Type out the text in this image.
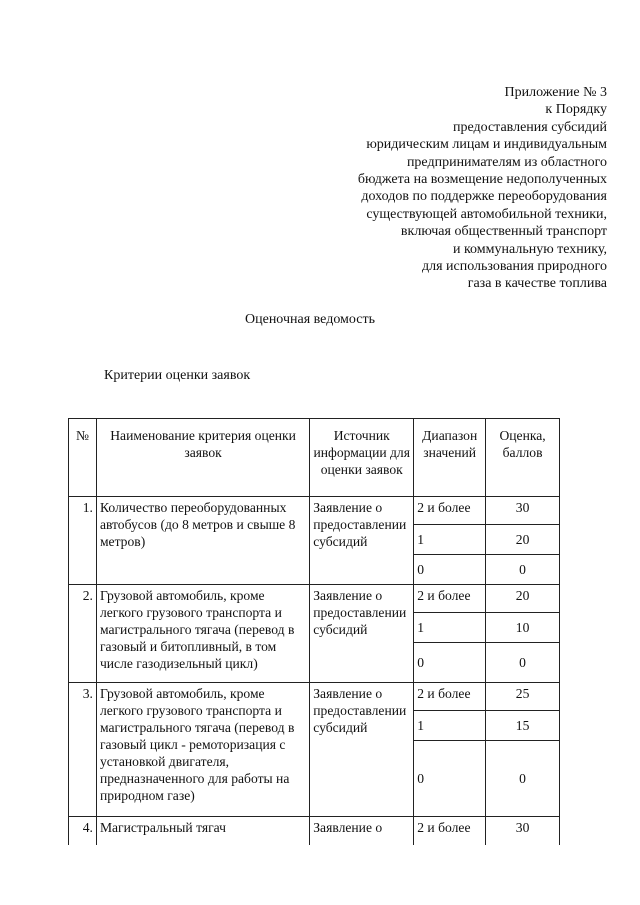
Приложение № 3
к Порядку
предоставления субсидий
юридическим лицам и индивидуальным
предпринимателям из областного
бюджета на возмещение недополученных
доходов по поддержке переоборудования
существующей автомобильной техники,
включая общественный транспорт
и коммунальную технику,
для использования природного
газа в качестве топлива
Оценочная ведомость
Критерии оценки заявок
№	Наименование критерия оценки заявок	Источник информации для оценки заявок	Диапазон значений	Оценка, баллов
1.	Количество переоборудованных автобусов (до 8 метров и свыше 8 метров)	Заявление о предоставлении субсидий	2 и более	30
			1	20
			0	0
2.	Грузовой автомобиль, кроме легкого грузового транспорта и магистрального тягача (перевод в газовый и битопливный, в том числе газодизельный цикл)	Заявление о предоставлении субсидий	2 и более	20
			1	10
			0	0
3.	Грузовой автомобиль, кроме легкого грузового транспорта и магистрального тягача (перевод в газовый цикл - ремоторизация с установкой двигателя, предназначенного для работы на природном газе)	Заявление о предоставлении субсидий	2 и более	25
			1	15
			0	0
4.	Магистральный тягач	Заявление о	2 и более	30
